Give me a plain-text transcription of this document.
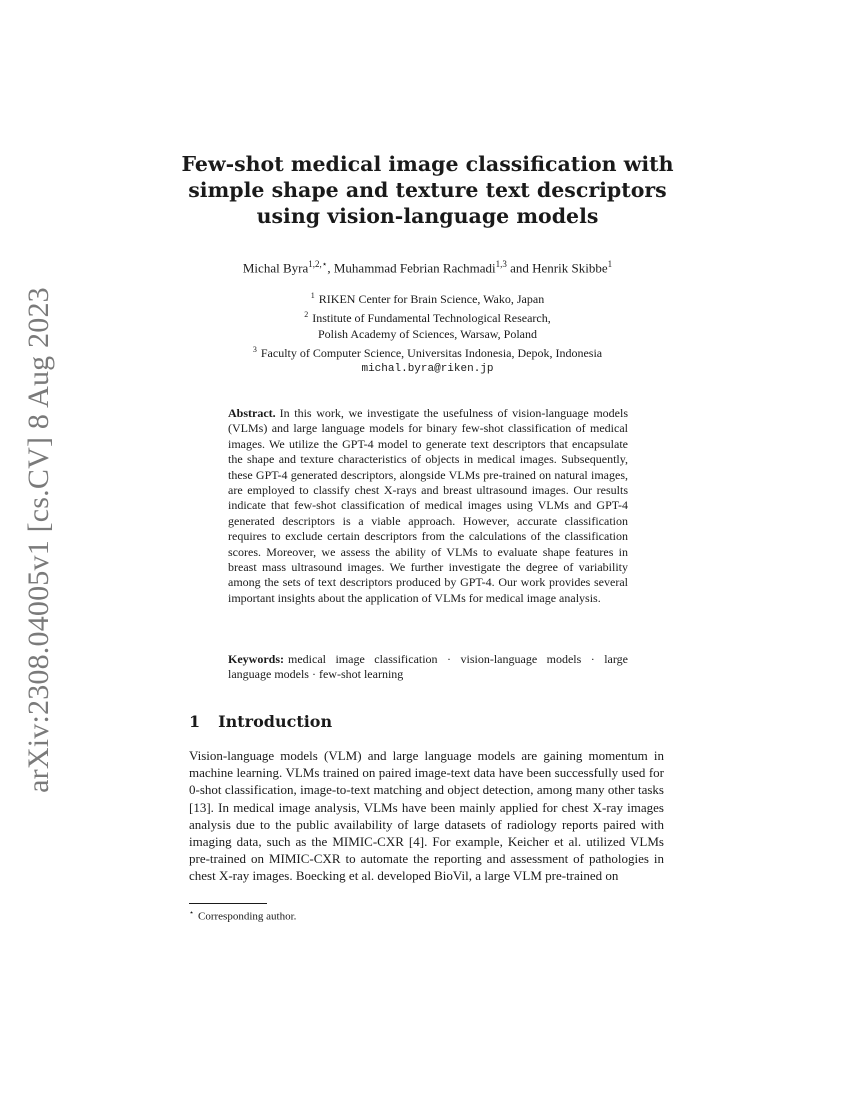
arXiv:2308.04005v1 [cs.CV] 8 Aug 2023
Few-shot medical image classification with simple shape and texture text descriptors using vision-language models
Michal Byra$^{1,2,⋆}$, Muhammad Febrian Rachmadi$^{1,3}$ and Henrik Skibbe$^1$
$^1$ RIKEN Center for Brain Science, Wako, Japan
$^2$ Institute of Fundamental Technological Research,
Polish Academy of Sciences, Warsaw, Poland
$^3$ Faculty of Computer Science, Universitas Indonesia, Depok, Indonesia
michal.byra@riken.jp
Abstract. In this work, we investigate the usefulness of vision-language models (VLMs) and large language models for binary few-shot classification of medical images. We utilize the GPT-4 model to generate text descriptors that encapsulate the shape and texture characteristics of objects in medical images. Subsequently, these GPT-4 generated descriptors, alongside VLMs pre-trained on natural images, are employed to classify chest X-rays and breast ultrasound images. Our results indicate that few-shot classification of medical images using VLMs and GPT-4 generated descriptors is a viable approach. However, accurate classification requires to exclude certain descriptors from the calculations of the classification scores. Moreover, we assess the ability of VLMs to evaluate shape features in breast mass ultrasound images. We further investigate the degree of variability among the sets of text descriptors produced by GPT-4. Our work provides several important insights about the application of VLMs for medical image analysis.
Keywords: medical image classification · vision-language models · large language models · few-shot learning
1 Introduction
Vision-language models (VLM) and large language models are gaining momentum in machine learning. VLMs trained on paired image-text data have been successfully used for 0-shot classification, image-to-text matching and object detection, among many other tasks [13]. In medical image analysis, VLMs have been mainly applied for chest X-ray images analysis due to the public availability of large datasets of radiology reports paired with imaging data, such as the MIMIC-CXR [4]. For example, Keicher et al. utilized VLMs pre-trained on MIMIC-CXR to automate the reporting and assessment of pathologies in chest X-ray images. Boecking et al. developed BioVil, a large VLM pre-trained on
⋆ Corresponding author.
